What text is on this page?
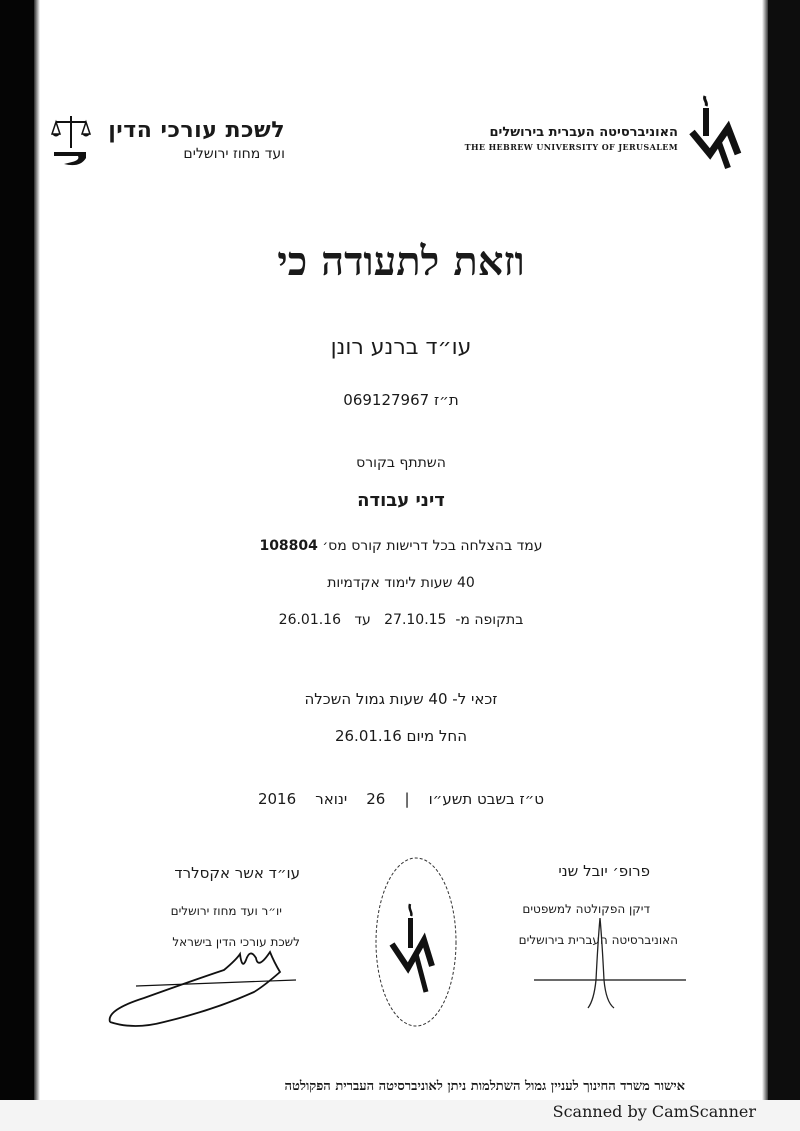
האוניברסיטה העברית בירושלים
THE HEBREW UNIVERSITY OF JERUSALEM
לשכת עורכי הדין
ועד מחוז ירושלים
וזאת לתעודה כי
עו״ד ברנע רונן
ת״ז 069127967
השתתף בקורס
דיני עבודה
עמד בהצלחה בכל דרישות קורס מס׳ 108804
40 שעות לימוד אקדמיות
בתקופה מ-  27.10.15   עד   26.01.16
זכאי ל- 40 שעות גמול השכלה
החל מיום 26.01.16
ט״ז בשבט תשע״ו    |    26    ינואר    2016
פרופ׳ יובל שני
דיקן הפקולטה למשפטים
האוניברסיטה העברית בירושלים
עו״ד אשר אקסלרד
יו״ר ועד מחוז ירושלים
לשכת עורכי הדין בישראל
אישור משרד החינוך לעניין גמול השתלמות ניתן לאוניברסיטה העברית הפקולטה
Scanned by CamScanner
